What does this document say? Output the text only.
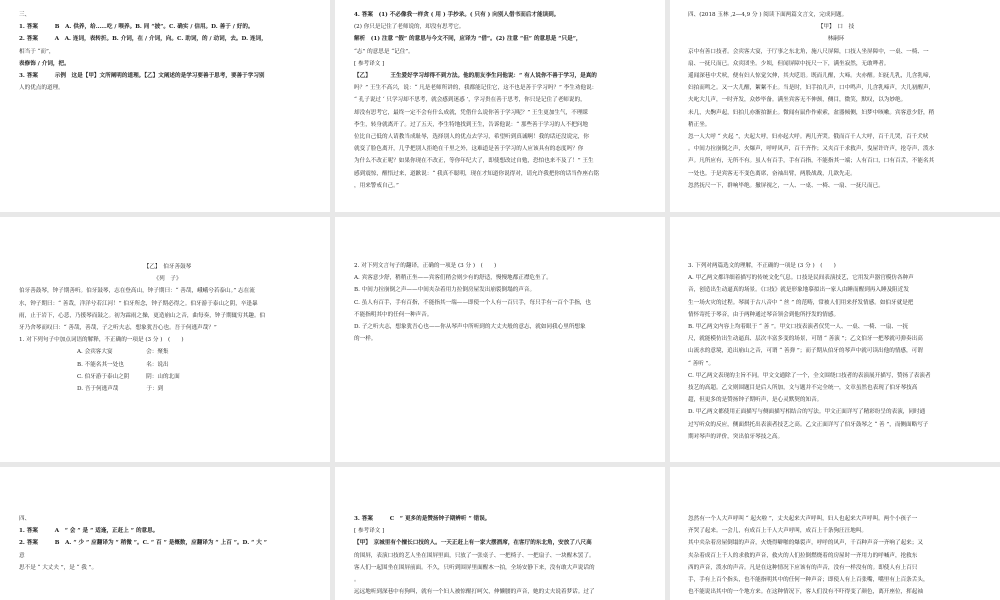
三、
1. 答案　　　B　A. 供养，给……吃 / 喂养。B. 同 “披”。C. 确实 / 信用。D. 善于 / 好的。
2. 答案　　　A　A. 连词，表转折。B. 介词，在 / 介词，向。C. 助词，的 / 动词，去。D. 连词，
相当于 “而”，
表修饰 / 介词，把。
3. 答案　　　示例　这是【甲】文所阐明的道理。【乙】文阐述的是学习要善于思考，要善于学习别
人的优点的道理。
4. 答案　(1) 不必像我一样贪 ( 用 ) 手抄录。( 只有 ) 向别人借书而后才能读到。
(2) 你只是记住了老师说的，却没有思考它。
解析　(1) 注意 “假” 的意思与今文不同，应译为 “借”。(2) 注意 “但” 的意思是 “只是”，
“志” 的意思是 “记住”。
[ 参考译文 ]
【乙】　　　　王生爱好学习却得不到方法。他的朋友李生问他说：“ 有人说你不善于学习，是真的
吗？” 王生不高兴，说：“ 凡是老师所讲的，我都能记住它，这不也是善于学习吗？” 李生劝他说：
“ 孔子说过 ‘ 只学习却不思考，就会感到迷惑 ’，学习贵在善于思考，你只是记住了老师说的，
却没有思考它，最终一定不会有什么成就，凭借什么说你善于学习呢？” 王生更加生气，不理睬
李生，转身就离开了。过了五天，李生特地找到王生，告诉他说：“ 那些善于学习的人不把问地
位比自己低的人请教当成耻辱，选择别人的优点去学习，希望听到真诚啊！我的话还没说完，你
就变了脸色离开，几乎把别人拒绝在千里之外，这难道是善于学习的人应该具有的态度吗？你
为什么不改正呢？如果你现在不改正，等你年纪大了，即使想改过自勉，恐怕也来不及了！” 王生
感到震惊，醒悟过来，道歉说：“ 我真不聪明，现在才知道你说得对，请允许我把你的话当作座右铭
，用来警戒自己。”
四、(2018 玉林 ,2—4,9 分 ) 阅读下面两篇文言文，完成问题。
【甲】　口　技
林嗣环
京中有善口技者。会宾客大宴，于厅事之东北角，施八尺屏障，口技人坐屏障中，一桌、一椅、一
扇、一抚尺而已。众宾团坐。少顷，但闻屏障中抚尺一下，满坐寂然，无敢哗者。
遥闻深巷中犬吠，便有妇人惊觉欠伸，其夫呓语。既而儿醒，大啼。夫亦醒。妇抚儿乳，儿含乳啼，
妇拍而鸣之。又一大儿醒，絮絮不止。当是时，妇手拍儿声，口中鸣声，儿含乳啼声，大儿初醒声，
夫叱大儿声，一时齐发，众妙毕备。满坐宾客无不伸颈，侧目，微笑，默叹，以为妙绝。
未几，夫齁声起，妇拍儿亦渐拍渐止。微闻有鼠作作索索，盆器倾侧，妇梦中咳嗽。宾客意少舒，稍
稍正坐。
忽一人大呼 “ 火起 ”，夫起大呼，妇亦起大呼。两儿齐哭。俄而百千人大呼，百千儿哭，百千犬吠
。中间力拉崩倒之声，火爆声，呼呼风声，百千齐作；又夹百千求救声，曳屋许许声，抢夺声，泼水
声。凡所应有，无所不有。虽人有百手，手有百指，不能指其一端；人有百口，口有百舌，不能名其
一处也。于是宾客无不变色离席，奋袖出臂，两股战战，几欲先走。
忽然抚尺一下，群响毕绝。撤屏视之，一人、一桌、一椅、一扇、一抚尺而已。
【乙】　伯牙善鼓琴
《列　子》
伯牙善鼓琴，钟子期善听。伯牙鼓琴，志在登高山，钟子期曰：“ 善哉，峨峨兮若泰山。” 志在流
水，钟子期曰：“ 善哉，洋洋兮若江河！” 伯牙所念，钟子期必得之。伯牙游于泰山之阴，卒逢暴
雨，止于岩下，心悲，乃援琴而鼓之。初为霖雨之操，更造崩山之音，曲每奏，钟子期辄穷其趣。伯
牙乃舍琴而叹曰：“ 善哉，善哉，子之听夫志，想象犹吾心也。吾于何逃声哉？”
1. 对下列句子中加点词语的解释，不正确的一项是 (3 分 )　(　　)
A. 会宾客大宴　　　　　　会：聚集
B. 不能名其一处也　　　　名：说出
C. 伯牙游于泰山之阴　　　阴：山的北面
D. 吾于何逃声哉　　　　　于：到
2. 对下列文言句子的翻译，正确的一项是 (3 分 )　(　　)
A. 宾客意少舒，稍稍正坐——宾客们稍会则少有的舒适，慢慢地都正襟危坐了。
B. 中间力拉崩倒之声——中间夹杂着用力拉倒房屋发出崩裂倒塌的声音。
C. 虽人有百手，手有百指，不能指其一端——即使一个人有一百只手，每只手有一百个手指，也
不能指明其中的任何一种声音。
D. 子之听夫志，想象犹吾心也——你从琴声中所听到的大丈夫般的意志，就如同我心里所想象
的一样。
3. 下列对两篇选文的理解，不正确的一项是 (3 分 )　(　　)
A. 甲乙两文都详细着描写的传统文化气息。口技是民间表演技艺，它用发声器官模仿各种声
音，创造出生动逼真的场景。《口技》就是形象地摹拟出一家人由睡而醒到再入睡及阻近发
生一场火灾的过程。琴属于古八音中 “ 丝 ” 的范畴，常被人们用来抒发情感。如伯牙就是把
情怀寄托于琴音，由于两种通过琴音领会到他所抒发的情感。
B. 甲乙两文内容上均着眼于 “ 善 ”。甲文口技表演者仅凭一人、一桌、一椅、一扇、一抚
尺，就能模仿出生动逼真、层次丰富多变的场景，可谓 “ 善演 ”；乙文伯牙一把琴就可弹奏出高
山流水的意境，追出崩山之音，可谓 “ 善弹 ”；而子期从伯牙的琴声中就可读出他的情感，可谓
“ 善听 ”。
C. 甲乙两文表现的主旨不同。甲文文通除了一个，全文围绕口技者的表演展开描写，赞扬了表演者
技艺的高超。乙文则围题目是后人所加，文与题并不完全统一，文章虽然也表现了伯牙琴技高
超，但更多的是赞扬钟子期听声，是心灵默契的知音。
D. 甲乙两文都使用正面描写与侧面描写相结合的写法。甲文正面详写了精彩纷呈的表演，同时通
过写听众的反应，侧面烘托出表演者技艺之高。乙文正面详写了伯牙鼓琴之 “ 善 ”，而侧面略写子
期对琴声的评价，突出伯牙琴技之高。
四、
1. 答案　　　A　“ 会 ” 是 “ 适逢，正赶上 ” 的意思。
2. 答案　　　B　A. “ 少 ” 应翻译为 “ 稍微 ”。C. “ 百 ” 是概数，应翻译为 “ 上百 ”。D. “ 大 ”
意
思不是 “ 大丈夫 ”，是 “ 我 ”。
3. 答案　　　C　“ 更多的是赞扬钟子期辨听 ” 错误。
[ 参考译文 ]
【甲】　京城里有个擅长口技的人。一天正赶上有一家大摆酒席，在客厅的东北角，安放了八尺高
的围屏，表演口技的艺人坐在围屏里面，只放了一张桌子、一把椅子、一把扇子、一块醒木罢了。
客人们一起围坐在围屏前面。不久，只听到围屏里面醒木一拍，全场安静下来，没有敢大声说话的
。
远远地听到深巷中有狗叫，就有一个妇人被惊醒打呵欠，伸懒腰的声音，她的丈夫说着梦话。过了
忽然有一个人大声呼叫 “ 起火啦 ”，丈夫起来大声呼叫，妇人也起来大声呼叫。两个小孩子一
齐哭了起来。一会儿，有成百上千人大声呼叫，成百上千条狗汪汪地叫。
其中夹杂着房屋倒塌的声音，火烧得噼啪的爆裂声，呼呼的风声，千百种声音一齐响了起来；又
夹杂着成百上千人的求救的声音，救火的人们拉倒燃烧着的房屋时一齐用力的呼喊声，抢救东
西的声音，泼水的声音。凡是在这种情况下应该有的声音，没有一样没有的。即使人有上百只
手，手有上百个指头，也不能指明其中的任何一种声音；即使人有上百张嘴，嘴里有上百条舌头，
也不能说出其中的一个地方来。在这种情况下，客人们没有不吓得变了颜色，离开座位，挥起袖
